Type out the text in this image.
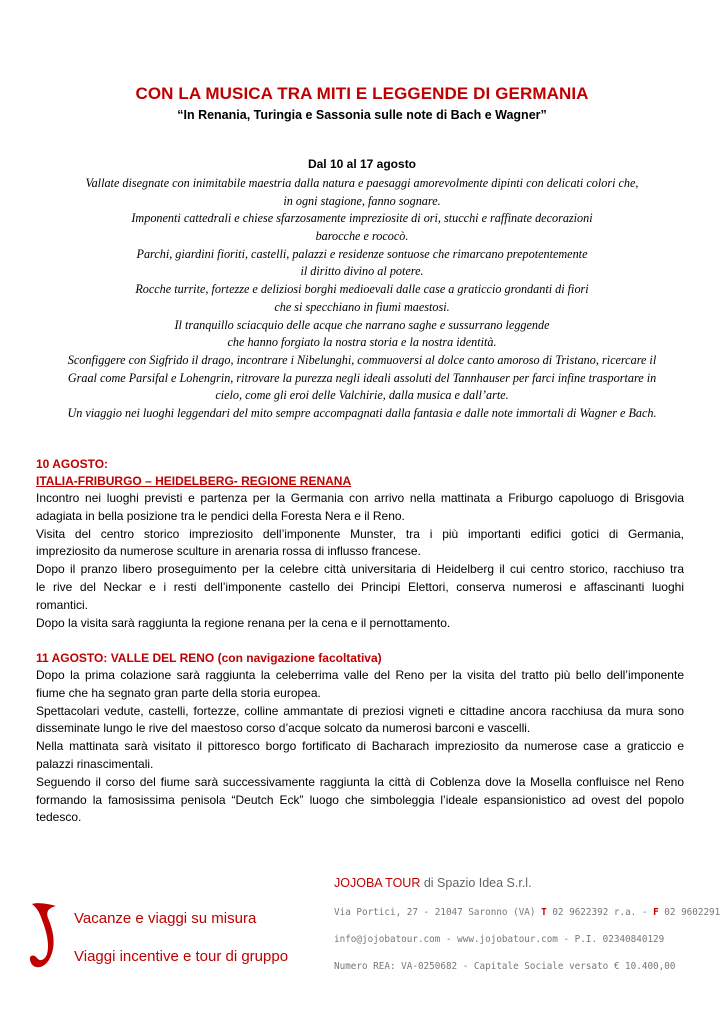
CON LA MUSICA TRA MITI E LEGGENDE DI GERMANIA
“In Renania, Turingia e Sassonia sulle note di Bach e Wagner”
Dal 10 al 17 agosto
Vallate disegnate con inimitabile maestria dalla natura e paesaggi amorevolmente dipinti con delicati colori che,
in ogni stagione, fanno sognare.
Imponenti cattedrali e chiese sfarzosamente impreziosite di ori, stucchi e raffinate decorazioni
barocche e rococò.
Parchi, giardini fioriti, castelli, palazzi e residenze sontuose che rimarcano prepotentemente
il diritto divino al potere.
Rocche turrite, fortezze e deliziosi borghi medioevali dalle case a graticcio grondanti di fiori
che si specchiano in fiumi maestosi.
Il tranquillo sciacquio delle acque che narrano saghe e sussurrano leggende
che hanno forgiato la nostra storia e la nostra identità.
Sconfiggere con Sigfrido il drago, incontrare i Nibelunghi, commuoversi al dolce canto amoroso di Tristano, ricercare il
Graal come Parsifal e Lohengrin, ritrovare la purezza negli ideali assoluti del Tannhauser per farci infine trasportare in
cielo, come gli eroi delle Valchirie, dalla musica e dall’arte.
Un viaggio nei luoghi leggendari del mito sempre accompagnati dalla fantasia e dalle note immortali di Wagner e Bach.
10 AGOSTO:
ITALIA-FRIBURGO – HEIDELBERG- REGIONE RENANA
Incontro nei luoghi previsti e partenza per la Germania con arrivo nella mattinata a Friburgo capoluogo di Brisgovia
adagiata in bella posizione tra le pendici della Foresta Nera e il Reno.
Visita del centro storico impreziosito dell’imponente Munster, tra i più importanti edifici gotici di Germania,
impreziosito da numerose sculture in arenaria rossa di influsso francese.
Dopo il pranzo libero proseguimento per la celebre città universitaria di Heidelberg il cui centro storico, racchiuso tra
le rive del Neckar e i resti dell’imponente castello dei Principi Elettori, conserva numerosi e affascinanti luoghi
romantici.
Dopo la visita sarà raggiunta la regione renana per la cena e il pernottamento.
11 AGOSTO: VALLE DEL RENO (con navigazione facoltativa)
Dopo la prima colazione sarà raggiunta la celeberrima valle del Reno per la visita del tratto più bello dell’imponente
fiume che ha segnato gran parte della storia europea.
Spettacolari vedute, castelli, fortezze, colline ammantate di preziosi vigneti e cittadine ancora racchiusa da mura sono
disseminate lungo le rive del maestoso corso d’acque solcato da numerosi barconi e vascelli.
Nella mattinata sarà visitato il pittoresco borgo fortificato di Bacharach impreziosito da numerose case a graticcio e
palazzi rinascimentali.
Seguendo il corso del fiume sarà successivamente raggiunta la città di Coblenza dove la Mosella confluisce nel Reno
formando la famosissima penisola “Deutch Eck” luogo che simboleggia l’ideale espansionistico ad ovest del popolo
tedesco.
Vacanze e viaggi su misura
Viaggi incentive e tour di gruppo
JOJOBA TOUR di Spazio Idea S.r.l.
Via Portici, 27 - 21047 Saronno (VA) T 02 9622392 r.a. - F 02 9602291
info@jojobatour.com - www.jojobatour.com - P.I. 02340840129
Numero REA: VA-0250682 - Capitale Sociale versato € 10.400,00
